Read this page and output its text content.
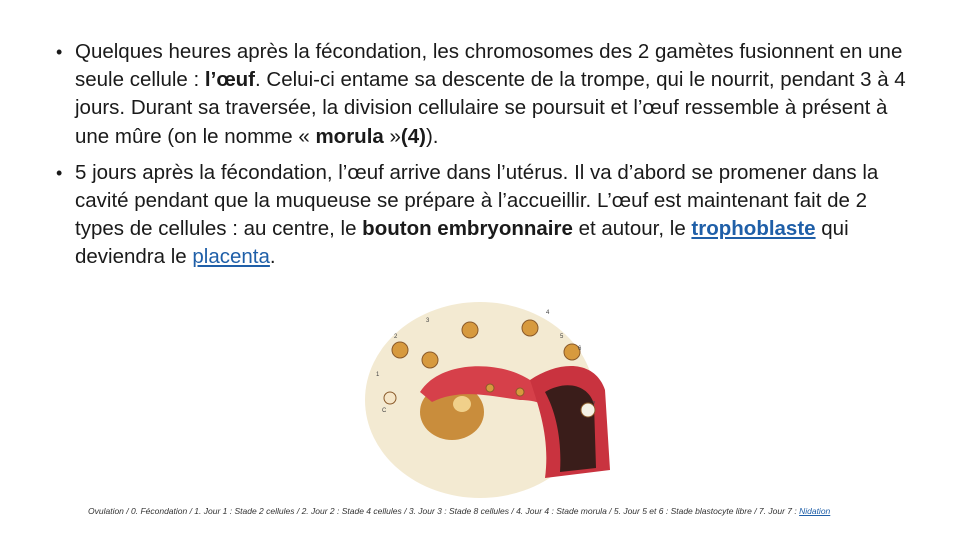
• Quelques heures après la fécondation, les chromosomes des 2 gamètes fusionnent en une seule cellule : l’œuf. Celui-ci entame sa descente de la trompe, qui le nourrit, pendant 3 à 4 jours. Durant sa traversée, la division cellulaire se poursuit et l’œuf ressemble à présent à une mûre (on le nomme « morula »(4)).
• 5 jours après la fécondation, l’œuf arrive dans l’utérus. Il va d’abord se promener dans la cavité pendant que la muqueuse se prépare à l’accueillir. L’œuf est maintenant fait de 2 types de cellules : au centre, le bouton embryonnaire et autour, le trophoblaste qui deviendra le placenta.
3
2
1
4
5
6
7
C
Ovulation / 0. Fécondation / 1. Jour 1 : Stade 2 cellules / 2. Jour 2 : Stade 4 cellules / 3. Jour 3 : Stade 8 cellules / 4. Jour 4 : Stade morula / 5. Jour 5 et 6 : Stade blastocyte libre / 7. Jour 7 : Nidation
